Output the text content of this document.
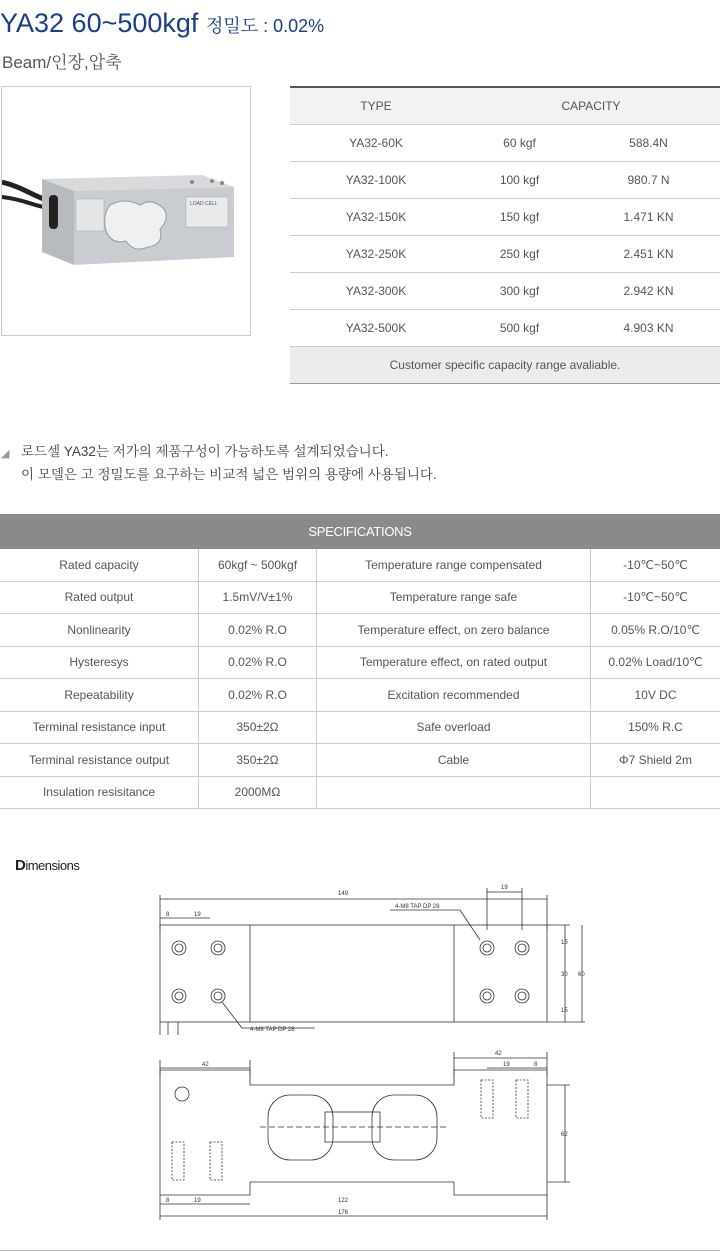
YA32 60~500kgf 정밀도 : 0.02%
Beam/인장,압축
LOAD CELL
TYPE	CAPACITY	
YA32-60K	60 kgf	588.4N
YA32-100K	100 kgf	980.7 N
YA32-150K	150 kgf	1.471 KN
YA32-250K	250 kgf	2.451 KN
YA32-300K	300 kgf	2.942 KN
YA32-500K	500 kgf	4.903 KN
Customer specific capacity range avaliable.		
◢ 로드셀 YA32는 저가의 제품구성이 가능하도록 설계되었습니다.
이 모델은 고 정밀도를 요구하는 비교적 넓은 범위의 용량에 사용됩니다.
SPECIFICATIONS			
Rated capacity	60kgf ~ 500kgf	Temperature range compensated	-10℃~50℃
Rated output	1.5mV/V±1%	Temperature range safe	-10℃~50℃
Nonlinearity	0.02% R.O	Temperature effect, on zero balance	0.05% R.O/10℃
Hysteresys	0.02% R.O	Temperature effect, on rated output	0.02% Load/10℃
Repeatability	0.02% R.O	Excitation recommended	10V DC
Terminal resistance input	350±2Ω	Safe overload	150% R.C
Terminal resistance output	350±2Ω	Cable	Φ7 Shield 2m
Insulation resisitance	2000MΩ		
Dimensions
149
19
8	19
4-M8 TAP DP 28
4-M8 TAP DP 28
15
30
15
60
42
42
19	8
62
8	19	122
176
